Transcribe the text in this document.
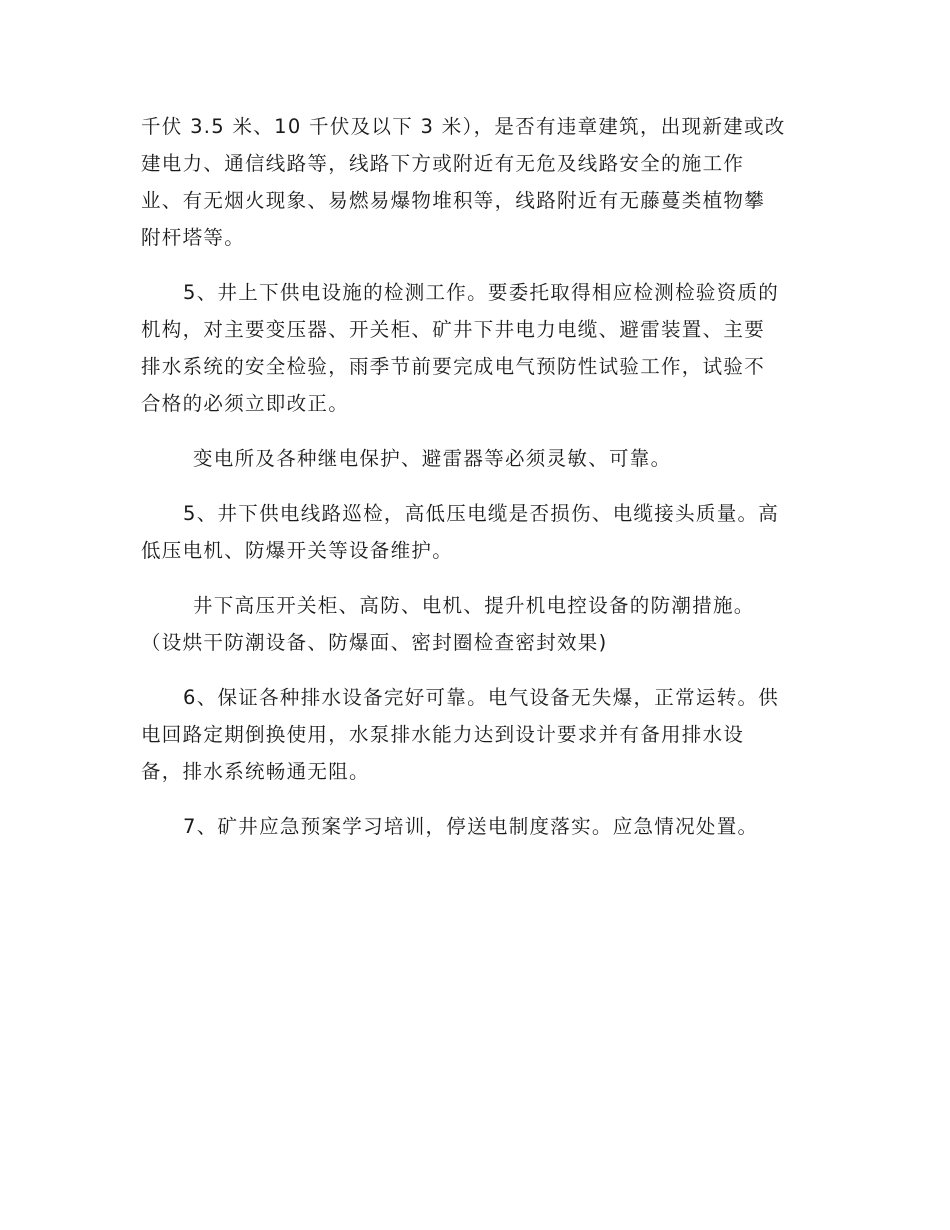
千伏 3.5 米、10 千伏及以下 3 米），是否有违章建筑，出现新建或改
建电力、通信线路等，线路下方或附近有无危及线路安全的施工作
业、有无烟火现象、易燃易爆物堆积等，线路附近有无藤蔓类植物攀
附杆塔等。
5、井上下供电设施的检测工作。要委托取得相应检测检验资质的
机构，对主要变压器、开关柜、矿井下井电力电缆、避雷装置、主要
排水系统的安全检验，雨季节前要完成电气预防性试验工作，试验不
合格的必须立即改正。
变电所及各种继电保护、避雷器等必须灵敏、可靠。
5、井下供电线路巡检，高低压电缆是否损伤、电缆接头质量。高
低压电机、防爆开关等设备维护。
井下高压开关柜、高防、电机、提升机电控设备的防潮措施。
（设烘干防潮设备、防爆面、密封圈检查密封效果)
6、保证各种排水设备完好可靠。电气设备无失爆，正常运转。供
电回路定期倒换使用，水泵排水能力达到设计要求并有备用排水设
备，排水系统畅通无阻。
7、矿井应急预案学习培训，停送电制度落实。应急情况处置。
